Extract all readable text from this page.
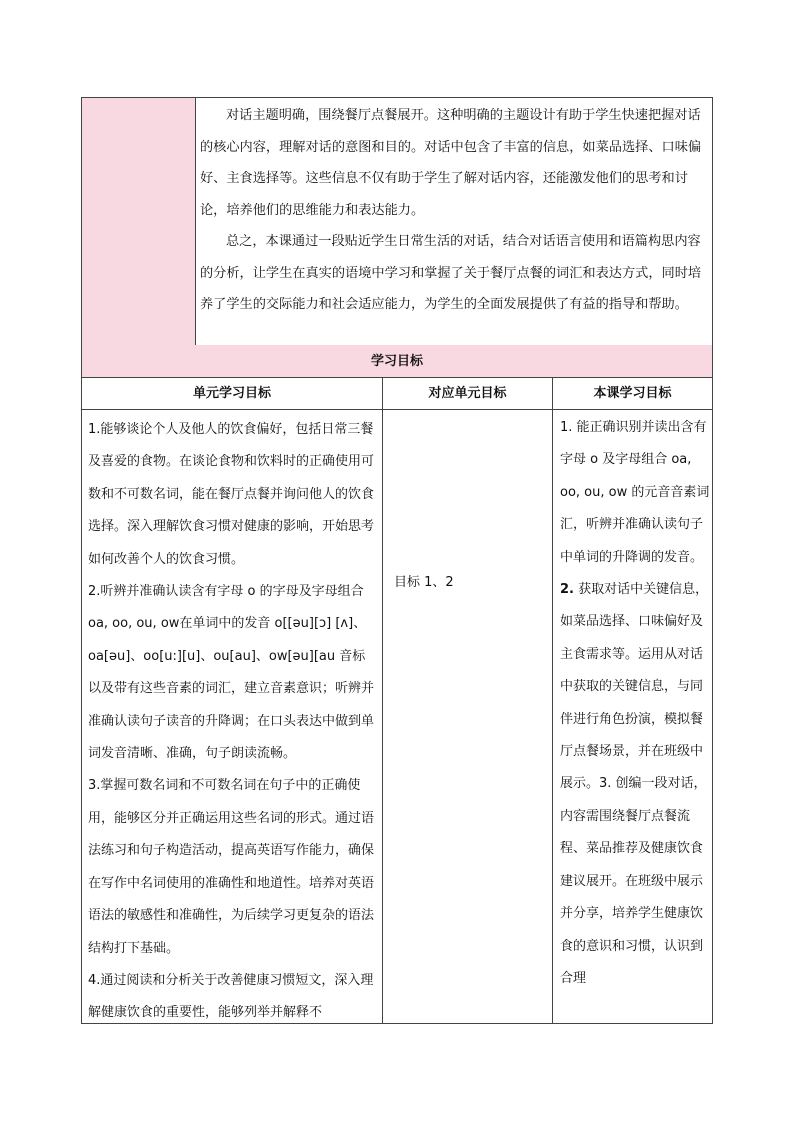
对话主题明确，围绕餐厅点餐展开。这种明确的主题设计有助于学生快速把握对话的核心内容，理解对话的意图和目的。对话中包含了丰富的信息，如菜品选择、口味偏好、主食选择等。这些信息不仅有助于学生了解对话内容，还能激发他们的思考和讨论，培养他们的思维能力和表达能力。

总之，本课通过一段贴近学生日常生活的对话，结合对话语言使用和语篇构思内容的分析，让学生在真实的语境中学习和掌握了关于餐厅点餐的词汇和表达方式，同时培养了学生的交际能力和社会适应能力，为学生的全面发展提供了有益的指导和帮助。

学习目标
单元学习目标	对应单元目标	本课学习目标

1.能够谈论个人及他人的饮食偏好，包括日常三餐及喜爱的食物。在谈论食物和饮料时的正确使用可数和不可数名词，能在餐厅点餐并询问他人的饮食选择。深入理解饮食习惯对健康的影响，开始思考如何改善个人的饮食习惯。

2.听辨并准确认读含有字母 o 的字母及字母组合oa, oo, ou, ow在单词中的发音 o[[əu][ɔ] [ʌ]、oa[əu]、oo[u:][u]、ou[au]、ow[əu][au 音标以及带有这些音素的词汇，建立音素意识；听辨并准确认读句子读音的升降调；在口头表达中做到单词发音清晰、准确，句子朗读流畅。

3.掌握可数名词和不可数名词在句子中的正确使用，能够区分并正确运用这些名词的形式。通过语法练习和句子构造活动，提高英语写作能力，确保在写作中名词使用的准确性和地道性。培养对英语语法的敏感性和准确性，为后续学习更复杂的语法结构打下基础。

4.通过阅读和分析关于改善健康习惯短文，深入理解健康饮食的重要性，能够列举并解释不

目标 1、2

1. 能正确识别并读出含有字母 o 及字母组合 oa, oo, ou, ow 的元音音素词汇，听辨并准确认读句子中单词的升降调的发音。

2. 获取对话中关键信息，如菜品选择、口味偏好及主食需求等。运用从对话中获取的关键信息，与同伴进行角色扮演，模拟餐厅点餐场景，并在班级中展示。3. 创编一段对话，内容需围绕餐厅点餐流程、菜品推荐及健康饮食建议展开。在班级中展示并分享，培养学生健康饮食的意识和习惯，认识到合理
